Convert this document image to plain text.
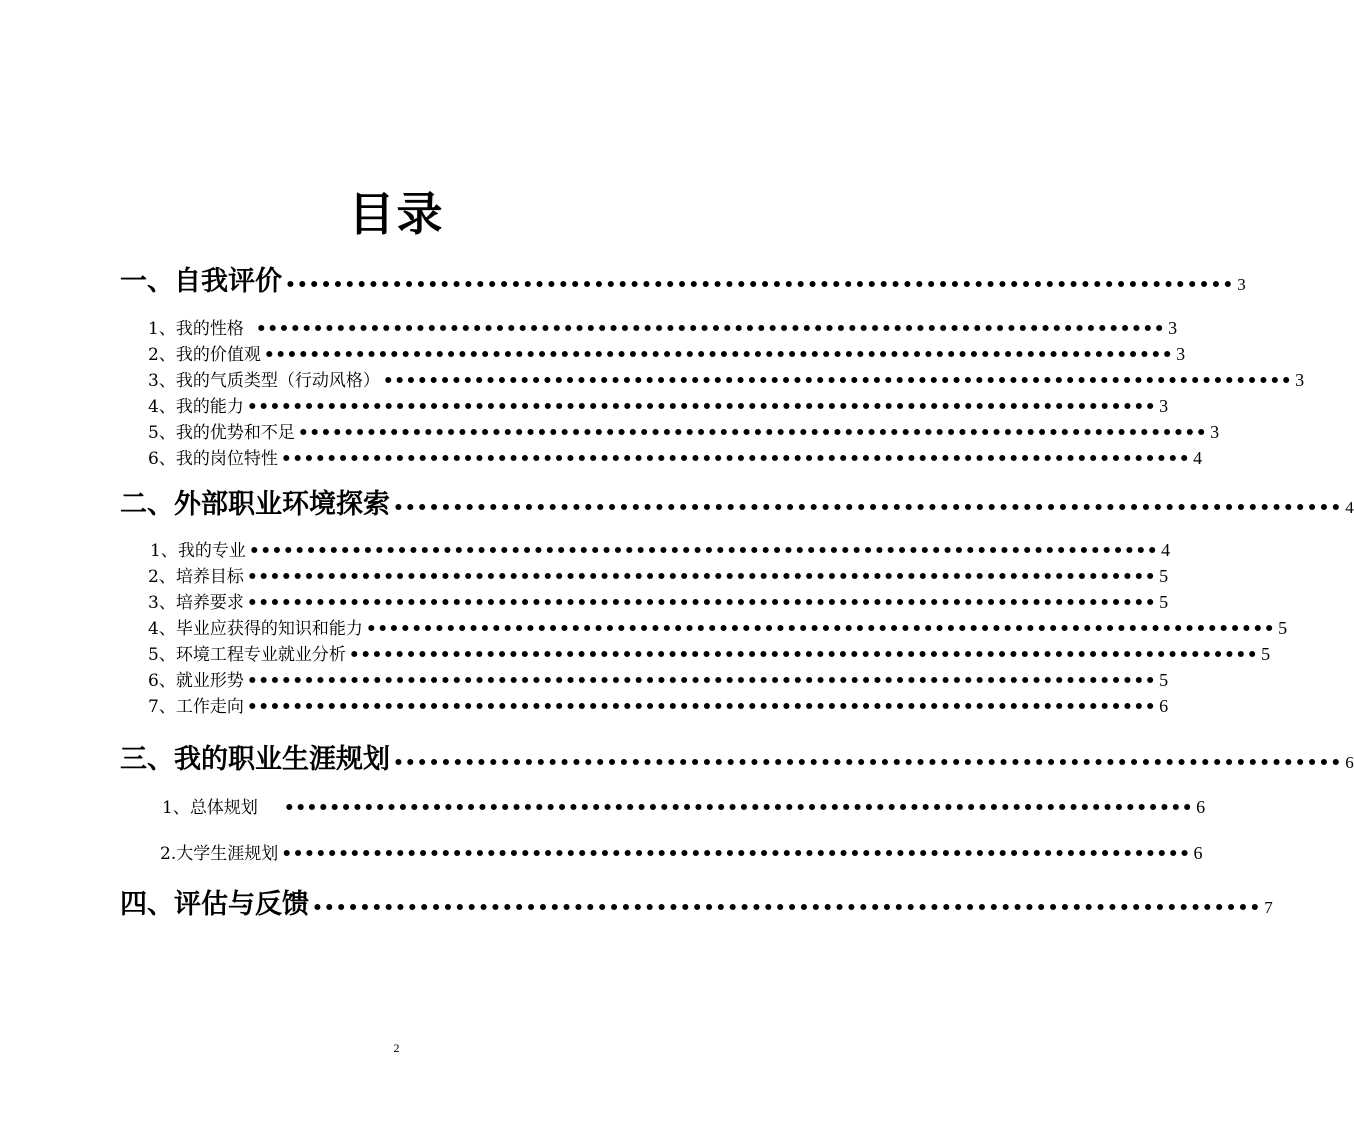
目录
一、自我评价 •••••••••••••••••••••••••••••••••••••••••••••••••••••••••••••••••••••••••••••••• 3
1、我的性格 •••••••••••••••••••••••••••••••••••••••••••••••••••••••••••••••••••••••••••••••• 3
2、我的价值观 •••••••••••••••••••••••••••••••••••••••••••••••••••••••••••••••••••••••••••••••• 3
3、我的气质类型（行动风格） •••••••••••••••••••••••••••••••••••••••••••••••••••••••••••••••••••••••••••••••• 3
4、我的能力 •••••••••••••••••••••••••••••••••••••••••••••••••••••••••••••••••••••••••••••••• 3
5、我的优势和不足 •••••••••••••••••••••••••••••••••••••••••••••••••••••••••••••••••••••••••••••••• 3
6、我的岗位特性 •••••••••••••••••••••••••••••••••••••••••••••••••••••••••••••••••••••••••••••••• 4
二、外部职业环境探索 •••••••••••••••••••••••••••••••••••••••••••••••••••••••••••••••••••••••••••••••• 4
1、我的专业 •••••••••••••••••••••••••••••••••••••••••••••••••••••••••••••••••••••••••••••••• 4
2、培养目标 •••••••••••••••••••••••••••••••••••••••••••••••••••••••••••••••••••••••••••••••• 5
3、培养要求 •••••••••••••••••••••••••••••••••••••••••••••••••••••••••••••••••••••••••••••••• 5
4、毕业应获得的知识和能力 •••••••••••••••••••••••••••••••••••••••••••••••••••••••••••••••••••••••••••••••• 5
5、环境工程专业就业分析 •••••••••••••••••••••••••••••••••••••••••••••••••••••••••••••••••••••••••••••••• 5
6、就业形势 •••••••••••••••••••••••••••••••••••••••••••••••••••••••••••••••••••••••••••••••• 5
7、工作走向 •••••••••••••••••••••••••••••••••••••••••••••••••••••••••••••••••••••••••••••••• 6
三、我的职业生涯规划 •••••••••••••••••••••••••••••••••••••••••••••••••••••••••••••••••••••••••••••••• 6
1、总体规划 •••••••••••••••••••••••••••••••••••••••••••••••••••••••••••••••••••••••••••••••• 6
2.大学生涯规划 •••••••••••••••••••••••••••••••••••••••••••••••••••••••••••••••••••••••••••••••• 6
四、评估与反馈 •••••••••••••••••••••••••••••••••••••••••••••••••••••••••••••••••••••••••••••••• 7
2
